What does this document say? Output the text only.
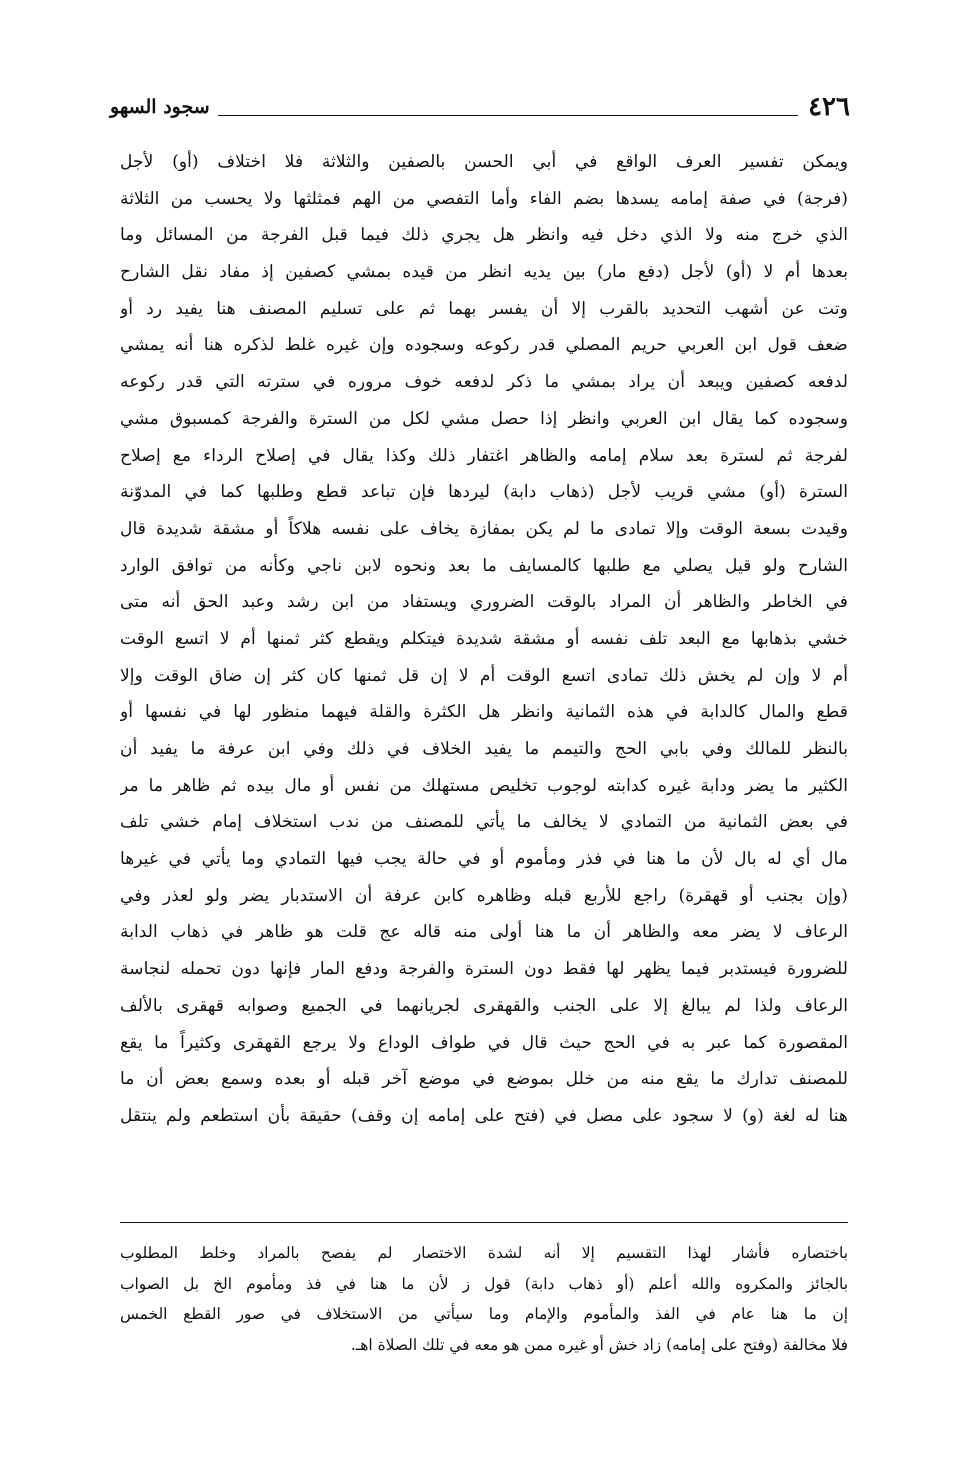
٤٢٦
سجود السهو
ويمكن تفسير العرف الواقع في أبي الحسن بالصفين والثلاثة فلا اختلاف (أو) لأجل
(فرجة) في صفة إمامه يسدها بضم الفاء وأما التفصي من الهم فمثلثها ولا يحسب من الثلاثة
الذي خرج منه ولا الذي دخل فيه وانظر هل يجري ذلك فيما قبل الفرجة من المسائل وما
بعدها أم لا (أو) لأجل (دفع مار) بين يديه انظر من قيده بمشي كصفين إذ مفاد نقل الشارح
وتت عن أشهب التحديد بالقرب إلا أن يفسر بهما ثم على تسليم المصنف هنا يفيد رد أو
ضعف قول ابن العربي حريم المصلي قدر ركوعه وسجوده وإن غيره غلط لذكره هنا أنه يمشي
لدفعه كصفين ويبعد أن يراد بمشي ما ذكر لدفعه خوف مروره في سترته التي قدر ركوعه
وسجوده كما يقال ابن العربي وانظر إذا حصل مشي لكل من السترة والفرجة كمسبوق مشي
لفرجة ثم لسترة بعد سلام إمامه والظاهر اغتفار ذلك وكذا يقال في إصلاح الرداء مع إصلاح
السترة (أو) مشي قريب لأجل (ذهاب دابة) ليردها فإن تباعد قطع وطلبها كما في المدوّنة
وقيدت بسعة الوقت وإلا تمادى ما لم يكن بمفازة يخاف على نفسه هلاكاً أو مشقة شديدة قال
الشارح ولو قيل يصلي مع طلبها كالمسايف ما بعد ونحوه لابن ناجي وكأنه من توافق الوارد
في الخاطر والظاهر أن المراد بالوقت الضروري ويستفاد من ابن رشد وعبد الحق أنه متى
خشي بذهابها مع البعد تلف نفسه أو مشقة شديدة فيتكلم ويقطع كثر ثمنها أم لا اتسع الوقت
أم لا وإن لم يخش ذلك تمادى اتسع الوقت أم لا إن قل ثمنها كان كثر إن ضاق الوقت وإلا
قطع والمال كالدابة في هذه الثمانية وانظر هل الكثرة والقلة فيهما منظور لها في نفسها أو
بالنظر للمالك وفي بابي الحج والتيمم ما يفيد الخلاف في ذلك وفي ابن عرفة ما يفيد أن
الكثير ما يضر ودابة غيره كدابته لوجوب تخليص مستهلك من نفس أو مال بيده ثم ظاهر ما مر
في بعض الثمانية من التمادي لا يخالف ما يأتي للمصنف من ندب استخلاف إمام خشي تلف
مال أي له بال لأن ما هنا في فذر ومأموم أو في حالة يجب فيها التمادي وما يأتي في غيرها
(وإن بجنب أو قهقرة) راجع للأربع قبله وظاهره كابن عرفة أن الاستدبار يضر ولو لعذر وفي
الرعاف لا يضر معه والظاهر أن ما هنا أولى منه قاله عج قلت هو ظاهر في ذهاب الدابة
للضرورة فيستدبر فيما يظهر لها فقط دون السترة والفرجة ودفع المار فإنها دون تحمله لنجاسة
الرعاف ولذا لم يبالغ إلا على الجنب والقهقرى لجريانهما في الجميع وصوابه قهقرى بالألف
المقصورة كما عبر به في الحج حيث قال في طواف الوداع ولا يرجع القهقرى وكثيراً ما يقع
للمصنف تدارك ما يقع منه من خلل بموضع في موضع آخر قبله أو بعده وسمع بعض أن ما
هنا له لغة (و) لا سجود على مصل في (فتح على إمامه إن وقف) حقيقة بأن استطعم ولم ينتقل
باختصاره فأشار لهذا التقسيم إلا أنه لشدة الاختصار لم يفصح بالمراد وخلط المطلوب
بالجائز والمكروه والله أعلم (أو ذهاب دابة) قول ز لأن ما هنا في فذ ومأموم الخ بل الصواب
إن ما هنا عام في الفذ والمأموم والإمام وما سيأتي من الاستخلاف في صور القطع الخمس
فلا مخالفة (وفتح على إمامه) زاد خش أو غيره ممن هو معه في تلك الصلاة اهـ.
